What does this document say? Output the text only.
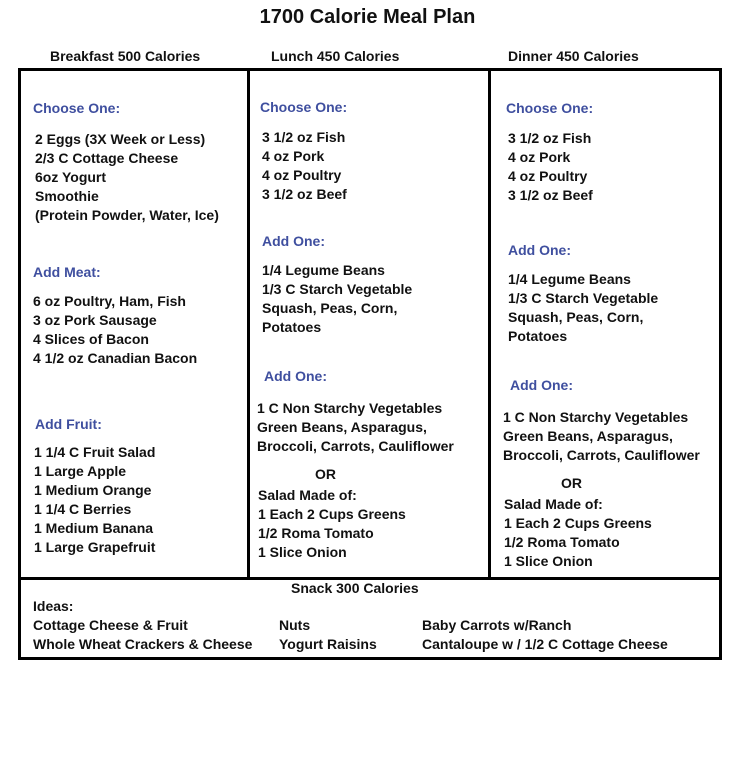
1700 Calorie Meal Plan
Breakfast 500 Calories	Lunch 450 Calories	Dinner 450 Calories
Choose One:
2 Eggs (3X Week or Less)
2/3 C Cottage Cheese
6oz Yogurt
Smoothie
(Protein Powder, Water, Ice)
Add Meat:
6 oz Poultry, Ham, Fish
3 oz Pork Sausage
4 Slices of Bacon
4 1/2 oz Canadian Bacon
Add Fruit:
1 1/4 C Fruit Salad
1 Large Apple
1 Medium Orange
1 1/4 C Berries
1 Medium Banana
1 Large Grapefruit
Choose One:
3 1/2 oz Fish
4 oz Pork
4 oz Poultry
3 1/2 oz Beef
Add One:
1/4 Legume Beans
1/3 C Starch Vegetable
Squash, Peas, Corn,
Potatoes
Add One:
1 C Non Starchy Vegetables
Green Beans, Asparagus,
Broccoli, Carrots, Cauliflower
OR
Salad Made of:
1 Each 2 Cups Greens
1/2 Roma Tomato
1 Slice Onion
Choose One:
3 1/2 oz Fish
4 oz Pork
4 oz Poultry
3 1/2 oz Beef
Add One:
1/4 Legume Beans
1/3 C Starch Vegetable
Squash, Peas, Corn,
Potatoes
Add One:
1 C Non Starchy Vegetables
Green Beans, Asparagus,
Broccoli, Carrots, Cauliflower
OR
Salad Made of:
1 Each 2 Cups Greens
1/2 Roma Tomato
1 Slice Onion
Snack 300 Calories
Ideas:
Cottage Cheese & Fruit
Whole Wheat Crackers & Cheese
Nuts
Yogurt Raisins
Baby Carrots w/Ranch
Cantaloupe w / 1/2 C Cottage Cheese
